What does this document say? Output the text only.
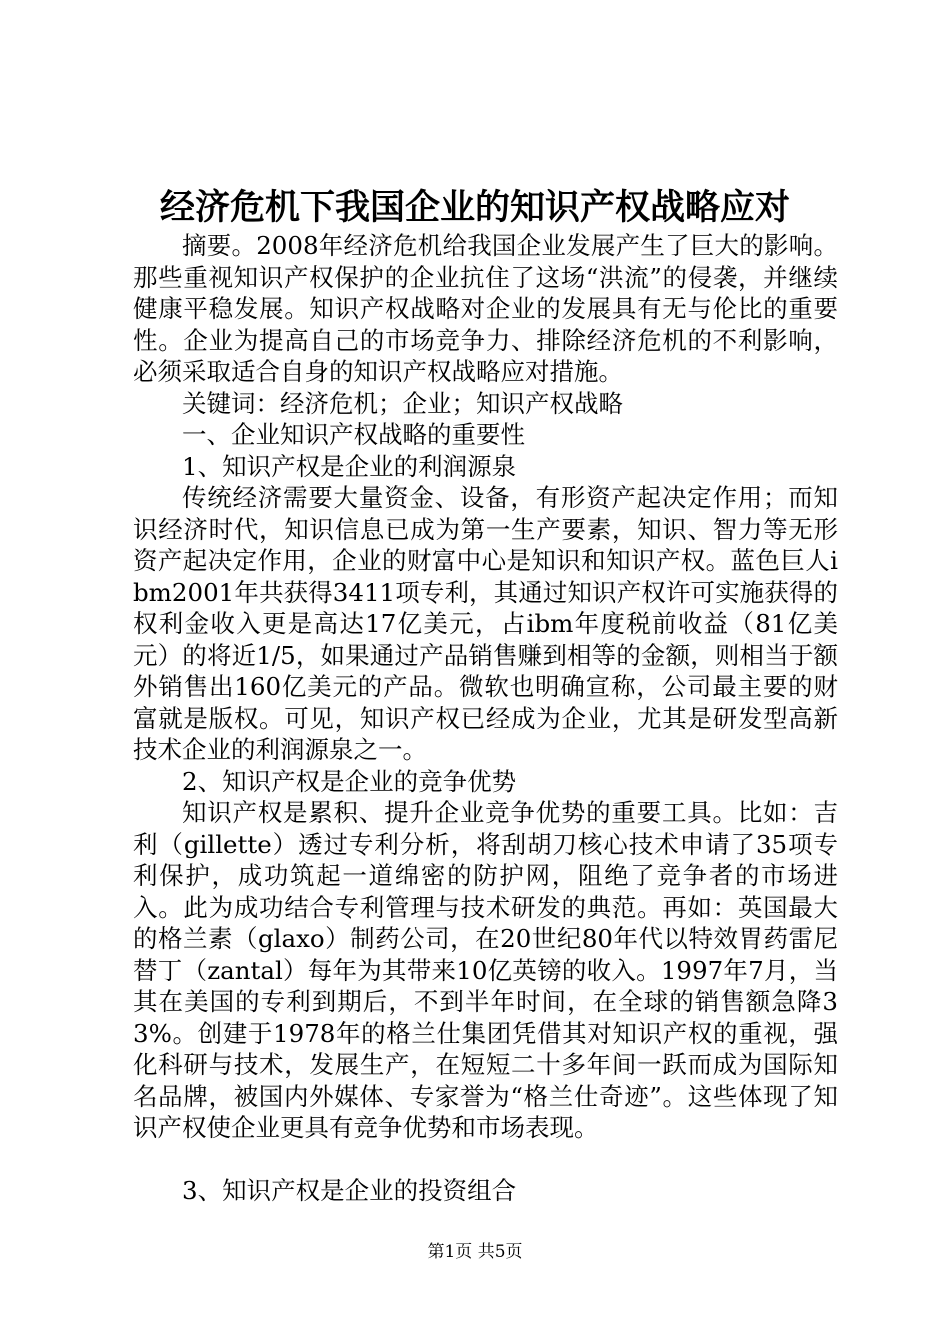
经济危机下我国企业的知识产权战略应对

摘要。2008年经济危机给我国企业发展产生了巨大的影响。那些重视知识产权保护的企业抗住了这场“洪流”的侵袭，并继续健康平稳发展。知识产权战略对企业的发展具有无与伦比的重要性。企业为提高自己的市场竞争力、排除经济危机的不利影响，必须采取适合自身的知识产权战略应对措施。

关键词：经济危机；企业；知识产权战略

一、企业知识产权战略的重要性

1、知识产权是企业的利润源泉

传统经济需要大量资金、设备，有形资产起决定作用；而知识经济时代，知识信息已成为第一生产要素，知识、智力等无形资产起决定作用，企业的财富中心是知识和知识产权。蓝色巨人ibm2001年共获得3411项专利，其通过知识产权许可实施获得的权利金收入更是高达17亿美元，占ibm年度税前收益（81亿美元）的将近1/5，如果通过产品销售赚到相等的金额，则相当于额外销售出160亿美元的产品。微软也明确宣称，公司最主要的财富就是版权。可见，知识产权已经成为企业，尤其是研发型高新技术企业的利润源泉之一。

2、知识产权是企业的竞争优势

知识产权是累积、提升企业竞争优势的重要工具。比如：吉利（gillette）透过专利分析，将刮胡刀核心技术申请了35项专利保护，成功筑起一道绵密的防护网，阻绝了竞争者的市场进入。此为成功结合专利管理与技术研发的典范。再如：英国最大的格兰素（glaxo）制药公司，在20世纪80年代以特效胃药雷尼替丁（zantal）每年为其带来10亿英镑的收入。1997年7月，当其在美国的专利到期后，不到半年时间，在全球的销售额急降33%。创建于1978年的格兰仕集团凭借其对知识产权的重视，强化科研与技术，发展生产，在短短二十多年间一跃而成为国际知名品牌，被国内外媒体、专家誉为“格兰仕奇迹”。这些体现了知识产权使企业更具有竞争优势和市场表现。

3、知识产权是企业的投资组合

第1页 共5页
